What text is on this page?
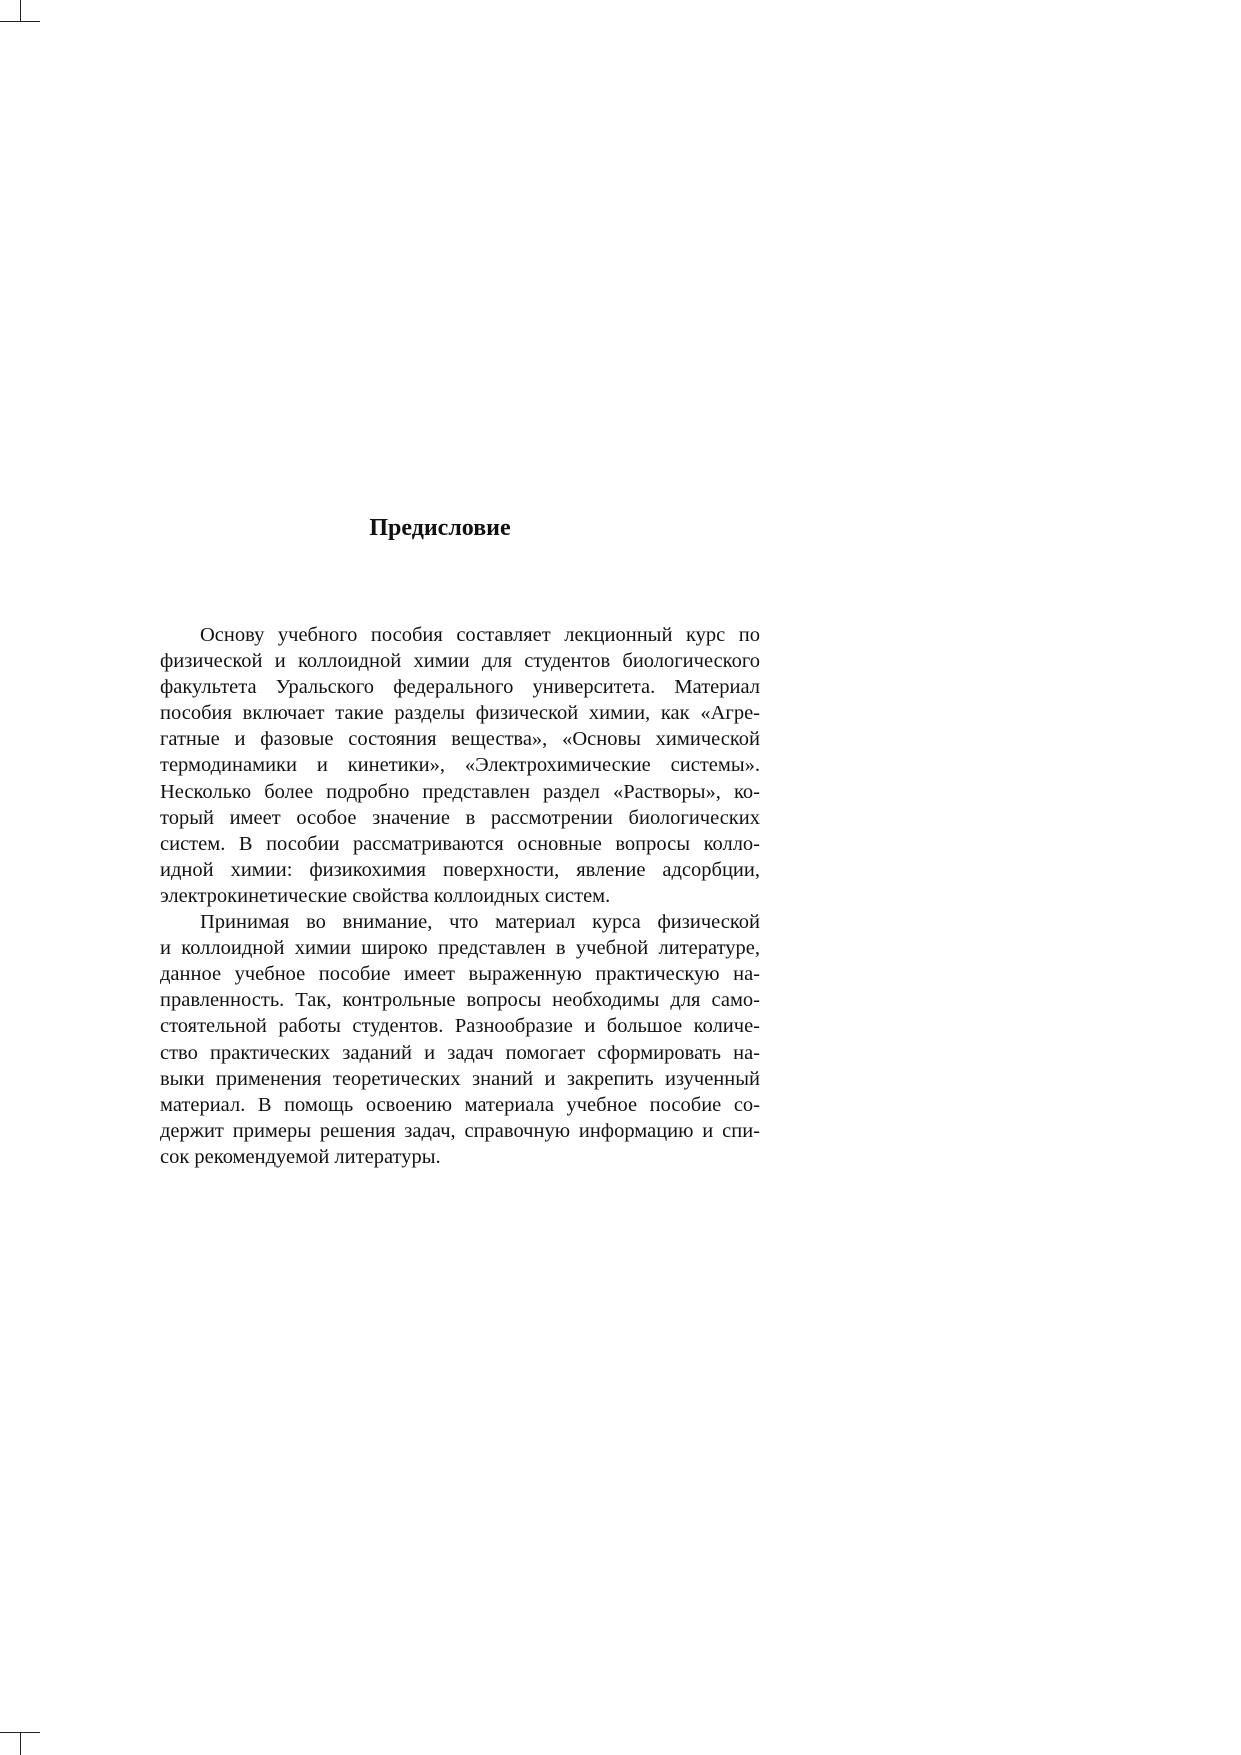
Предисловие

Основу учебного пособия составляет лекционный курс по
физической и коллоидной химии для студентов биологического
факультета Уральского федерального университета. Материал
пособия включает такие разделы физической химии, как «Агре-
гатные и фазовые состояния вещества», «Основы химической
термодинамики и кинетики», «Электрохимические системы».
Несколько более подробно представлен раздел «Растворы», ко-
торый имеет особое значение в рассмотрении биологических
систем. В пособии рассматриваются основные вопросы колло-
идной химии: физикохимия поверхности, явление адсорбции,
электрокинетические свойства коллоидных систем.

Принимая во внимание, что материал курса физической
и коллоидной химии широко представлен в учебной литературе,
данное учебное пособие имеет выраженную практическую на-
правленность. Так, контрольные вопросы необходимы для само-
стоятельной работы студентов. Разнообразие и большое количе-
ство практических заданий и задач помогает сформировать на-
выки применения теоретических знаний и закрепить изученный
материал. В помощь освоению материала учебное пособие со-
держит примеры решения задач, справочную информацию и спи-
сок рекомендуемой литературы.
